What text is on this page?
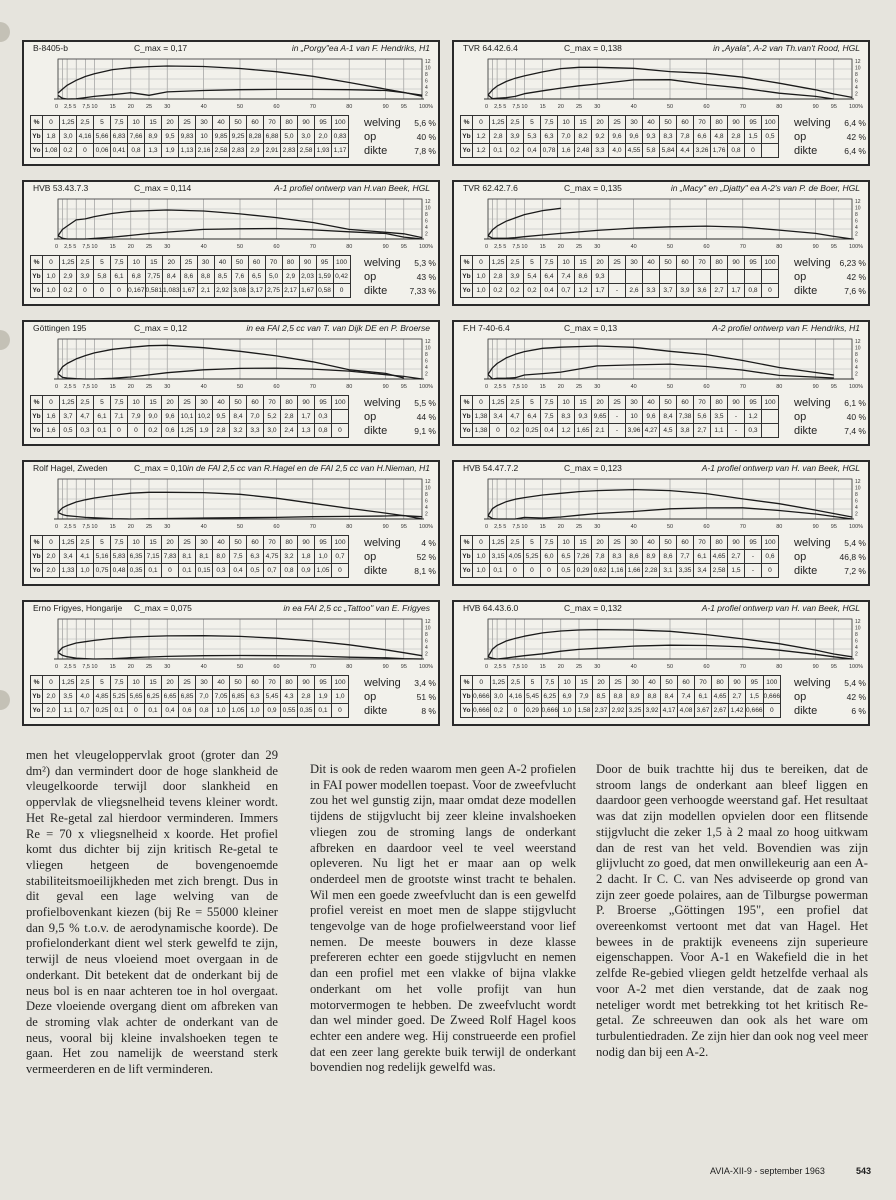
B-8405-b	C_max = 0,17	in „Porgy"ea A-1 van F. Hendriks, H1
12
10
8
6
4
2
0 2,5 5 7,5 10 15 20 25 30	40	50	60	70	80	90 95 100%
%	0	1,25	2,5	5	7,5	10	15	20	25	30	40	50	60	70	80	90	95	100
Yb	1,8	3,0	4,16	5,66	6,83	7,66	8,9	9,5	9,83	10	9,85	9,25	8,28	6,88	5,0	3,0	2,0	0,83
Yo	1,08	0,2	0	0,06	0,41	0,8	1,3	1,9	1,13	2,16	2,58	2,83	2,9	2,91	2,83	2,58	1,93	1,17
welving 5,6 %
op	40 %
dikte	7,8 %
TVR 64.42.6.4	C_max = 0,138	in „Ayala", A-2 van Th.van't Rood, HGL
12
10
8
6
4
2
0 2,5 5 7,5 10 15 20 25 30	40	50	60	70	80	90 95 100%
%	0	1,25	2,5	5	7,5	10	15	20	25	30	40	50	60	70	80	90	95	100
Yb	1,2	2,8	3,9	5,3	6,3	7,0	8,2	9,2	9,6	9,6	9,3	8,3	7,8	6,6	4,8	2,8	1,5	0,5
Yo	1,2	0,1	0,2	0,4	0,78	1,6	2,48	3,3	4,0	4,55	5,8	5,84	4,4	3,26	1,76	0,8	0	
welving 6,4 %
op	42 %
dikte	6,4 %
HVB 53.43.7.3	C_max = 0,114	A-1 profiel ontwerp van H.van Beek, HGL
12
10
8
6
4
2
0 2,5 5 7,5 10 15 20 25 30	40	50	60	70	80	90 95 100%
%	0	1,25	2,5	5	7,5	10	15	20	25	30	40	50	60	70	80	90	95	100
Yb	1,0	2,9	3,9	5,8	6,1	6,8	7,75	8,4	8,6	8,8	8,5	7,6	6,5	5,0	2,9	2,03	1,59	0,42
Yo	1,0	0,2	0	0	0	0,167	0,581	1,083	1,67	2,1	2,92	3,08	3,17	2,75	2,17	1,67	0,58	0
welving 5,3 %
op	43 %
dikte	7,33 %
TVR 62.42.7.6	C_max = 0,135	in „Macy" en „Djatty" ea A-2's van P. de Boer, HGL
12
10
8
6
4
2
0 2,5 5 7,5 10 15 20 25 30	40	50	60	70	80	90 95 100%
%	0	1,25	2,5	5	7,5	10	15	20	25	30	40	50	60	70	80	90	95	100
Yb	1,0	2,8	3,9	5,4	6,4	7,4	8,6	9,3										
Yo	1,0	0,2	0,2	0,2	0,4	0,7	1,2	1,7	-	2,6	3,3	3,7	3,9	3,6	2,7	1,7	0,8	0
welving 6,23 %
op	42 %
dikte	7,6 %
Göttingen 195	C_max = 0,12	in ea FAI 2,5 cc van T. van Dijk DE en P. Broerse
12
10
8
6
4
2
0 2,5 5 7,5 10 15 20 25 30	40	50	60	70	80	90 95 100%
%	0	1,25	2,5	5	7,5	10	15	20	25	30	40	50	60	70	80	90	95	100
Yb	1,6	3,7	4,7	6,1	7,1	7,9	9,0	9,6	10,1	10,2	9,5	8,4	7,0	5,2	2,8	1,7	0,3	
Yo	1,6	0,5	0,3	0,1	0	0	0,2	0,6	1,25	1,9	2,8	3,2	3,3	3,0	2,4	1,3	0,8	0
welving 5,5 %
op	44 %
dikte	9,1 %
F.H 7-40-6.4	C_max = 0,13	A-2 profiel ontwerp van F. Hendriks, H1
12
10
8
6
4
2
0 2,5 5 7,5 10 15 20 25 30	40	50	60	70	80	90 95 100%
%	0	1,25	2,5	5	7,5	10	15	20	25	30	40	50	60	70	80	90	95	100
Yb	1,38	3,4	4,7	6,4	7,5	8,3	9,3	9,65	-	10	9,6	8,4	7,38	5,6	3,5	-	1,2	
Yo	1,38	0	0,2	0,25	0,4	1,2	1,65	2,1	-	3,96	4,27	4,5	3,8	2,7	1,1	-	0,3	
welving 6,1 %
op	40 %
dikte	7,4 %
Rolf Hagel, Zweden	C_max = 0,10 in de FAI 2,5 cc van R.Hagel en de FAI 2,5 cc van H.Nieman, H1
12
10
8
6
4
2
0 2,5 5 7,5 10 15 20 25 30	40	50	60	70	80	90 95 100%
%	0	1,25	2,5	5	7,5	10	15	20	25	30	40	50	60	70	80	90	95	100
Yb	2,0	3,4	4,1	5,16	5,83	6,35	7,15	7,83	8,1	8,1	8,0	7,5	6,3	4,75	3,2	1,8	1,0	0,7
Yo	2,0	1,33	1,0	0,75	0,48	0,35	0,1	0	0,1	0,15	0,3	0,4	0,5	0,7	0,8	0,9	1,05	0
welving 4 %
op	52 %
dikte	8,1 %
HVB 54.47.7.2	C_max = 0,123	A-1 profiel ontwerp van H. van Beek, HGL
12
10
8
6
4
2
0 2,5 5 7,5 10 15 20 25 30	40	50	60	70	80	90 95 100%
%	0	1,25	2,5	5	7,5	10	15	20	25	30	40	50	60	70	80	90	95	100
Yb	1,0	3,15	4,05	5,25	6,0	6,5	7,26	7,8	8,3	8,6	8,9	8,6	7,7	6,1	4,65	2,7	-	0,6
Yo	1,0	0,1	0	0	0	0,5	0,29	0,62	1,16	1,66	2,28	3,1	3,35	3,4	2,58	1,5	-	0
welving 5,4 %
op	46,8 %
dikte	7,2 %
Erno Frigyes, Hongarije C_max = 0,075	in ea FAI 2,5 cc „Tattoo" van E. Frigyes
12
10
8
6
4
2
0 2,5 5 7,5 10 15 20 25 30	40	50	60	70	80	90 95 100%
%	0	1,25	2,5	5	7,5	10	15	20	25	30	40	50	60	70	80	90	95	100
Yb	2,0	3,5	4,0	4,85	5,25	5,65	6,25	6,65	6,85	7,0	7,05	6,85	6,3	5,45	4,3	2,8	1,9	1,0
Yo	2,0	1,1	0,7	0,25	0,1	0	0,1	0,4	0,6	0,8	1,0	1,05	1,0	0,9	0,55	0,35	0,1	0
welving 3,4 %
op	51 %
dikte	8 %
HVB 64.43.6.0	C_max = 0,132	A-1 profiel ontwerp van H. van Beek, HGL
12
10
8
6
4
2
0 2,5 5 7,5 10 15 20 25 30	40	50	60	70	80	90 95 100%
%	0	1,25	2,5	5	7,5	10	15	20	25	30	40	50	60	70	80	90	95	100
Yb	0,666	3,0	4,16	5,45	6,25	6,9	7,9	8,5	8,8	8,9	8,8	8,4	7,4	6,1	4,65	2,7	1,5	0,666
Yo	0,666	0,2	0	0,29	0,666	1,0	1,58	2,37	2,92	3,25	3,92	4,17	4,08	3,67	2,67	1,42	0,666	0
welving 5,4 %
op	42 %
dikte	6 %
men het vleugeloppervlak groot (groter dan 29 dm²) dan vermindert door de hoge slankheid de vleugelkoorde terwijl door slankheid en oppervlak de vliegsnelheid tevens kleiner wordt. Het Re-getal zal hierdoor verminderen. Immers Re = 70 x vliegsnelheid x koorde. Het profiel komt dus dichter bij zijn kritisch Re-getal te vliegen hetgeen de bovengenoemde stabiliteitsmoeilijkheden met zich brengt. Dus in dit geval een lage welving van de profielbovenkant kiezen (bij Re = 55000 kleiner dan 9,5 % t.o.v. de aerodynamische koorde). De profielonderkant dient wel sterk gewelfd te zijn, terwijl de neus vloeiend moet overgaan in de onderkant. Dit betekent dat de onderkant bij de neus bol is en naar achteren toe in hol overgaat. Deze vloeiende overgang dient om afbreken van de stroming vlak achter de onderkant van de neus, vooral bij kleine invalshoeken tegen te gaan. Het zou namelijk de weerstand sterk vermeerderen en de lift verminderen.
Dit is ook de reden waarom men geen A-2 profielen in FAI power modellen toepast. Voor de zweefvlucht zou het wel gunstig zijn, maar omdat deze modellen tijdens de stijgvlucht bij zeer kleine invalshoeken vliegen zou de stroming langs de onderkant afbreken en daardoor veel te veel weerstand opleveren. Nu ligt het er maar aan op welk onderdeel men de grootste winst tracht te behalen. Wil men een goede zweefvlucht dan is een gewelfd profiel vereist en moet men de slappe stijgvlucht tengevolge van de hoge profielweerstand voor lief nemen. De meeste bouwers in deze klasse prefereren echter een goede stijgvlucht en nemen dan een profiel met een vlakke of bijna vlakke onderkant om het volle profijt van hun motorvermogen te hebben. De zweefvlucht wordt dan wel minder goed. De Zweed Rolf Hagel koos echter een andere weg. Hij construeerde een profiel dat een zeer lang gerekte buik terwijl de onderkant bovendien nog redelijk gewelfd was.
Door de buik trachtte hij dus te bereiken, dat de stroom langs de onderkant aan bleef liggen en daardoor geen verhoogde weerstand gaf. Het resultaat was dat zijn modellen opvielen door een flitsende stijgvlucht die zeker 1,5 à 2 maal zo hoog uitkwam dan de rest van het veld. Bovendien was zijn glijvlucht zo goed, dat men onwillekeurig aan een A-2 dacht. Ir C. C. van Nes adviseerde op grond van zijn zeer goede polaires, aan de Tilburgse powerman P. Broerse „Göttingen 195", een profiel dat overeenkomst vertoont met dat van Hagel. Het bewees in de praktijk eveneens zijn superieure eigenschappen. Voor A-1 en Wakefield die in het zelfde Re-gebied vliegen geldt hetzelfde verhaal als voor A-2 met dien verstande, dat de zaak nog neteliger wordt met betrekking tot het kritisch Re-getal. Ze schreeuwen dan ook als het ware om turbulentiedraden. Ze zijn hier dan ook nog veel meer nodig dan bij een A-2.
AVIA-XII-9 - september 1963	543
